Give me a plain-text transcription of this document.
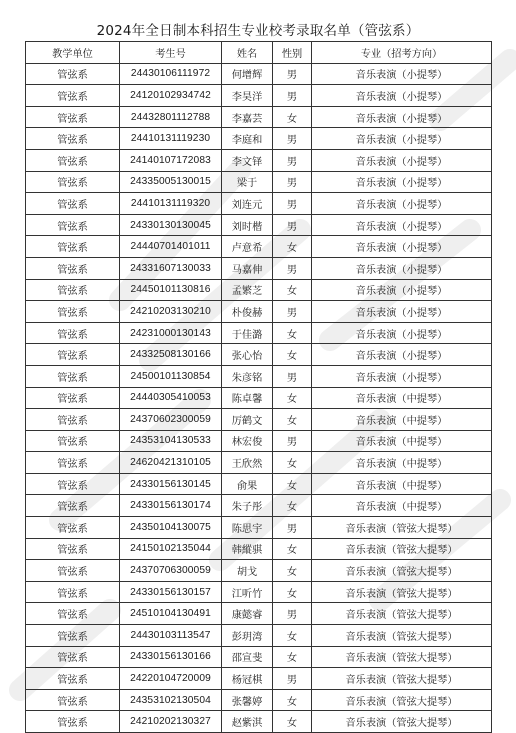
2024年全日制本科招生专业校考录取名单（管弦系）
教学单位	考生号	姓名	性别	专业（招考方向）
管弦系	24430106111972	何增辉	男	音乐表演（小提琴）
管弦系	24120102934742	李昊洋	男	音乐表演（小提琴）
管弦系	24432801112788	李嘉芸	女	音乐表演（小提琴）
管弦系	24410131119230	李庭和	男	音乐表演（小提琴）
管弦系	24140107172083	李文铎	男	音乐表演（小提琴）
管弦系	24335005130015	梁于	男	音乐表演（小提琴）
管弦系	24410131119320	刘连元	男	音乐表演（小提琴）
管弦系	24330130130045	刘时楷	男	音乐表演（小提琴）
管弦系	24440701401011	卢意希	女	音乐表演（小提琴）
管弦系	24331607130033	马嘉伸	男	音乐表演（小提琴）
管弦系	24450101130816	孟繁芝	女	音乐表演（小提琴）
管弦系	24210203130210	朴俊赫	男	音乐表演（小提琴）
管弦系	24231000130143	于佳潞	女	音乐表演（小提琴）
管弦系	24332508130166	张心怡	女	音乐表演（小提琴）
管弦系	24500101130854	朱彦铭	男	音乐表演（小提琴）
管弦系	24440305410053	陈卓馨	女	音乐表演（中提琴）
管弦系	24370602300059	厉鹤文	女	音乐表演（中提琴）
管弦系	24353104130533	林宏俊	男	音乐表演（中提琴）
管弦系	24620421310105	王欣然	女	音乐表演（中提琴）
管弦系	24330156130145	俞果	女	音乐表演（中提琴）
管弦系	24330156130174	朱子彤	女	音乐表演（中提琴）
管弦系	24350104130075	陈思宇	男	音乐表演（管弦大提琴）
管弦系	24150102135044	韩縱骐	女	音乐表演（管弦大提琴）
管弦系	24370706300059	胡戈	女	音乐表演（管弦大提琴）
管弦系	24330156130157	江听竹	女	音乐表演（管弦大提琴）
管弦系	24510104130491	康懿睿	男	音乐表演（管弦大提琴）
管弦系	24430103113547	彭玥湾	女	音乐表演（管弦大提琴）
管弦系	24330156130166	邵宣斐	女	音乐表演（管弦大提琴）
管弦系	24220104720009	杨冠棋	男	音乐表演（管弦大提琴）
管弦系	24353102130504	张馨婷	女	音乐表演（管弦大提琴）
管弦系	24210202130327	赵紫淇	女	音乐表演（管弦大提琴）
